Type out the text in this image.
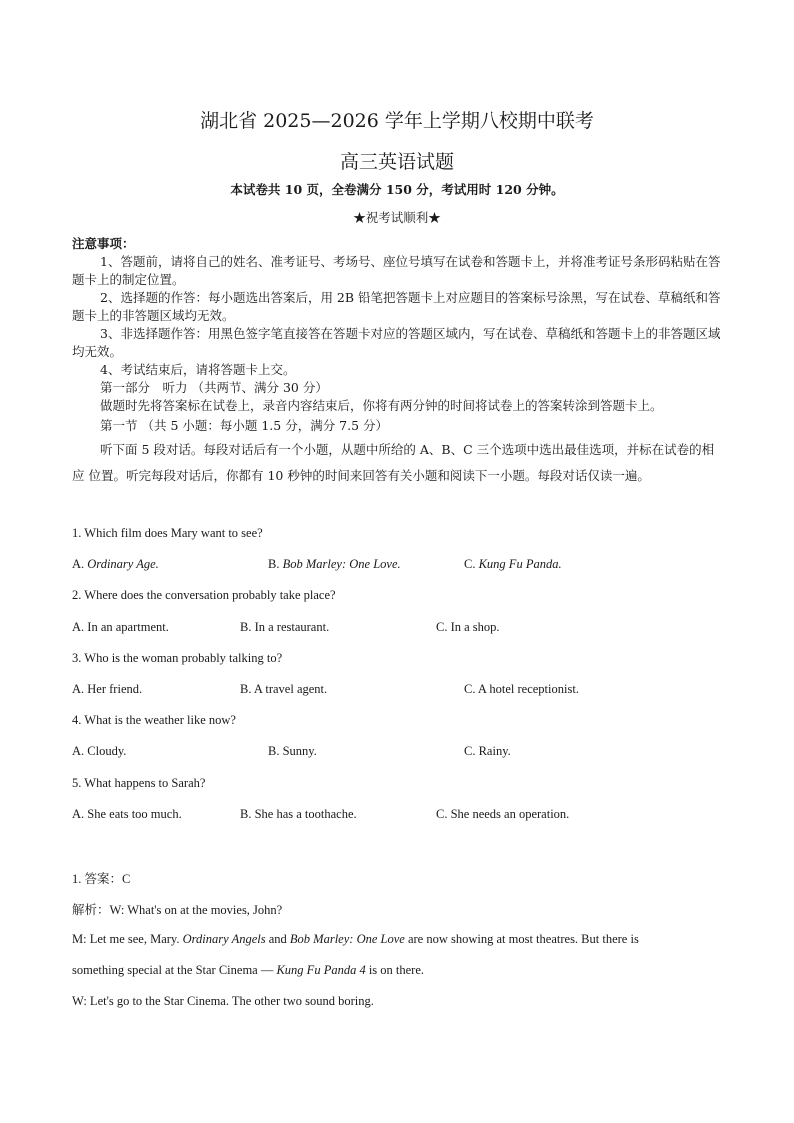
湖北省 2025—2026 学年上学期八校期中联考
高三英语试题
本试卷共 10 页，全卷满分 150 分，考试用时 120 分钟。
★祝考试顺利★
注意事项：
1、答题前，请将自己的姓名、准考证号、考场号、座位号填写在试卷和答题卡上，并将准考证号条形码粘贴在答题卡上的制定位置。
2、选择题的作答：每小题选出答案后，用 2B 铅笔把答题卡上对应题目的答案标号涂黑，写在试卷、草稿纸和答题卡上的非答题区域均无效。
3、非选择题作答：用黑色签字笔直接答在答题卡对应的答题区域内，写在试卷、草稿纸和答题卡上的非答题区域均无效。
4、考试结束后，请将答题卡上交。
第一部分　听力 （共两节、满分 30 分）
做题时先将答案标在试卷上，录音内容结束后，你将有两分钟的时间将试卷上的答案转涂到答题卡上。
第一节 （共 5 小题：每小题 1.5 分，满分 7.5 分）
听下面 5 段对话。每段对话后有一个小题，从题中所给的 A、B、C 三个选项中选出最佳选项，并标在试卷的相应 位置。听完每段对话后，你都有 10 秒钟的时间来回答有关小题和阅读下一小题。每段对话仅读一遍。
1. Which film does Mary want to see?
A. Ordinary Age.	B. Bob Marley: One Love.	C. Kung Fu Panda.
2. Where does the conversation probably take place?
A. In an apartment.	B. In a restaurant.	C. In a shop.
3. Who is the woman probably talking to?
A. Her friend.	B. A travel agent.	C. A hotel receptionist.
4. What is the weather like now?
A. Cloudy.	B. Sunny.	C. Rainy.
5. What happens to Sarah?
A. She eats too much.	B. She has a toothache.	C. She needs an operation.
1. 答案：C
解析：W: What's on at the movies, John?
M: Let me see, Mary. Ordinary Angels and Bob Marley: One Love are now showing at most theatres. But there is
something special at the Star Cinema — Kung Fu Panda 4 is on there.
W: Let's go to the Star Cinema. The other two sound boring.
